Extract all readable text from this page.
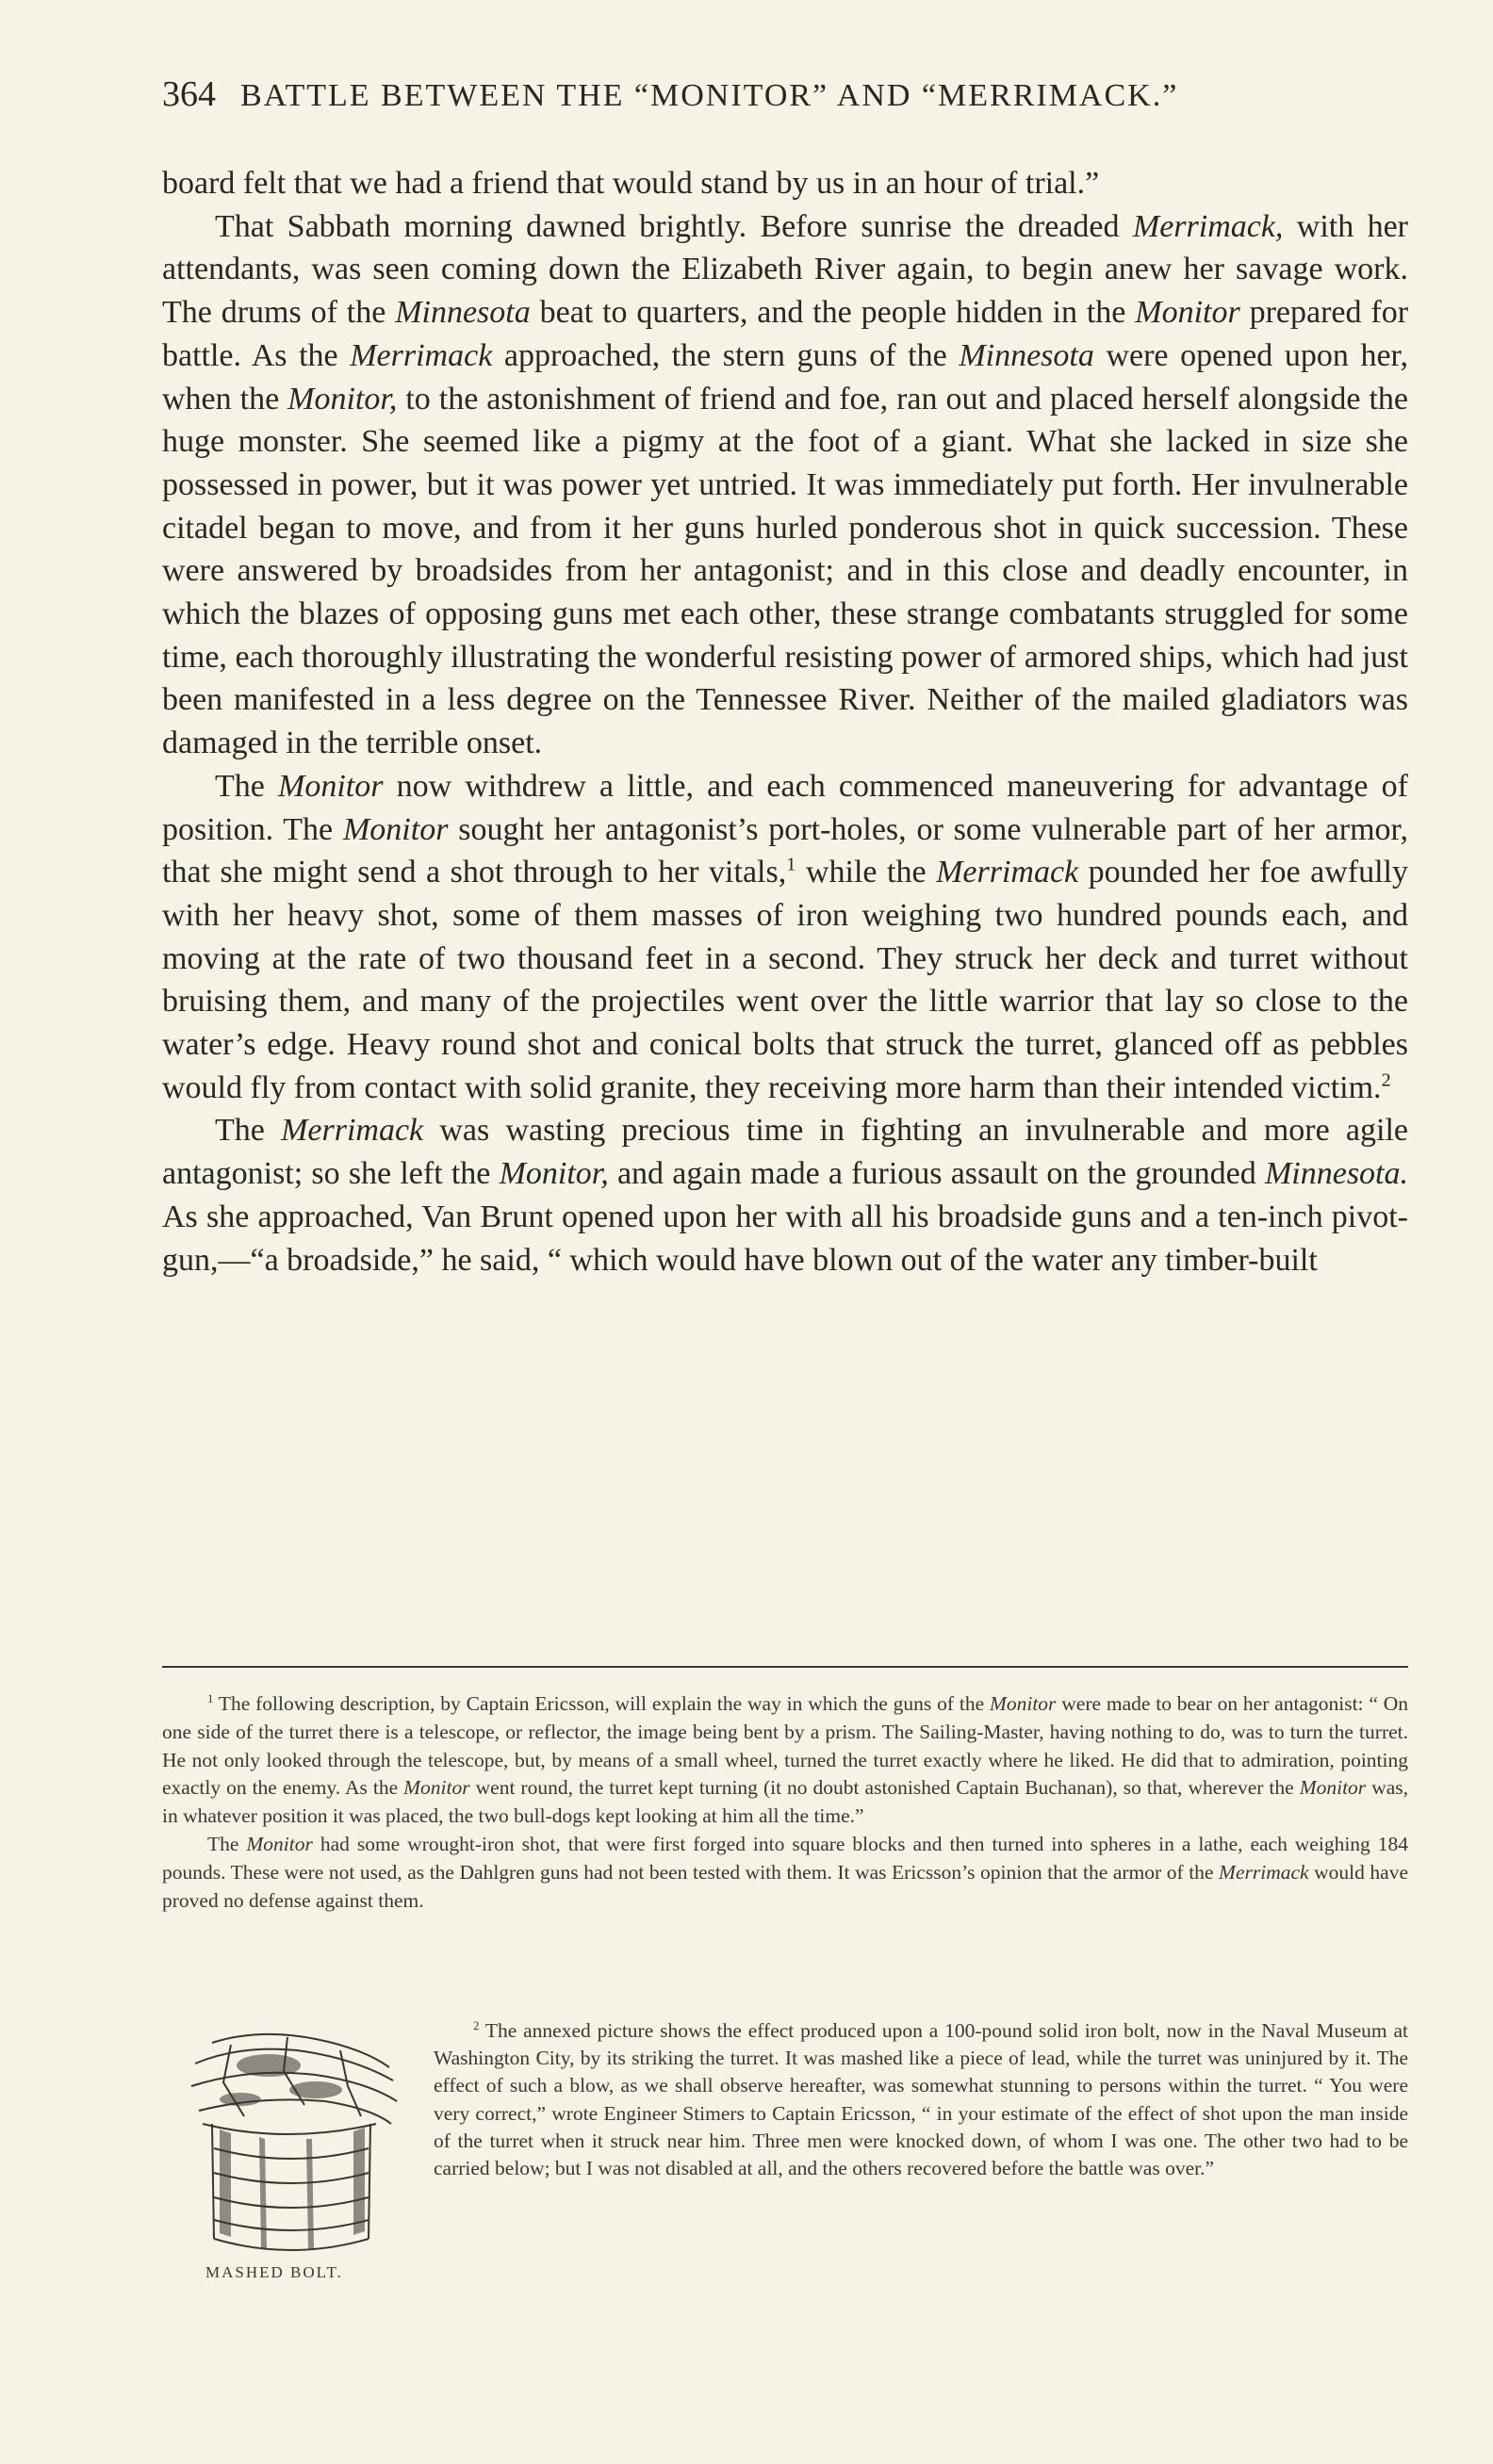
364 BATTLE BETWEEN THE “MONITOR” AND “MERRIMACK.”

board felt that we had a friend that would stand by us in an hour of trial.”

That Sabbath morning dawned brightly. Before sunrise the dreaded Merrimack, with her attendants, was seen coming down the Elizabeth River again, to begin anew her savage work. The drums of the Minnesota beat to quarters, and the people hidden in the Monitor prepared for battle. As the Merrimack approached, the stern guns of the Minnesota were opened upon her, when the Monitor, to the astonishment of friend and foe, ran out and placed herself alongside the huge monster. She seemed like a pigmy at the foot of a giant. What she lacked in size she possessed in power, but it was power yet untried. It was immediately put forth. Her invulnerable citadel began to move, and from it her guns hurled ponderous shot in quick succession. These were answered by broadsides from her antagonist; and in this close and deadly encounter, in which the blazes of opposing guns met each other, these strange combatants struggled for some time, each thoroughly illustrating the wonderful resisting power of armored ships, which had just been manifested in a less degree on the Tennessee River. Neither of the mailed gladiators was damaged in the terrible onset.

The Monitor now withdrew a little, and each commenced maneuvering for advantage of position. The Monitor sought her antagonist’s port-holes, or some vulnerable part of her armor, that she might send a shot through to her vitals,$^1$ while the Merrimack pounded her foe awfully with her heavy shot, some of them masses of iron weighing two hundred pounds each, and moving at the rate of two thousand feet in a second. They struck her deck and turret without bruising them, and many of the projectiles went over the little warrior that lay so close to the water’s edge. Heavy round shot and conical bolts that struck the turret, glanced off as pebbles would fly from contact with solid granite, they receiving more harm than their intended victim.$^2$

The Merrimack was wasting precious time in fighting an invulnerable and more agile antagonist; so she left the Monitor, and again made a furious assault on the grounded Minnesota. As she approached, Van Brunt opened upon her with all his broadside guns and a ten-inch pivot-gun,—“a broadside,” he said, “ which would have blown out of the water any timber-built

$^1$ The following description, by Captain Ericsson, will explain the way in which the guns of the Monitor were made to bear on her antagonist: “ On one side of the turret there is a telescope, or reflector, the image being bent by a prism. The Sailing-Master, having nothing to do, was to turn the turret. He not only looked through the telescope, but, by means of a small wheel, turned the turret exactly where he liked. He did that to admiration, pointing exactly on the enemy. As the Monitor went round, the turret kept turning (it no doubt astonished Captain Buchanan), so that, wherever the Monitor was, in whatever position it was placed, the two bull-dogs kept looking at him all the time.”

The Monitor had some wrought-iron shot, that were first forged into square blocks and then turned into spheres in a lathe, each weighing 184 pounds. These were not used, as the Dahlgren guns had not been tested with them. It was Ericsson’s opinion that the armor of the Merrimack would have proved no defense against them.

MASHED BOLT.

$^2$ The annexed picture shows the effect produced upon a 100-pound solid iron bolt, now in the Naval Museum at Washington City, by its striking the turret. It was mashed like a piece of lead, while the turret was uninjured by it. The effect of such a blow, as we shall observe hereafter, was somewhat stunning to persons within the turret. “ You were very correct,” wrote Engineer Stimers to Captain Ericsson, “ in your estimate of the effect of shot upon the man inside of the turret when it struck near him. Three men were knocked down, of whom I was one. The other two had to be carried below; but I was not disabled at all, and the others recovered before the battle was over.”
